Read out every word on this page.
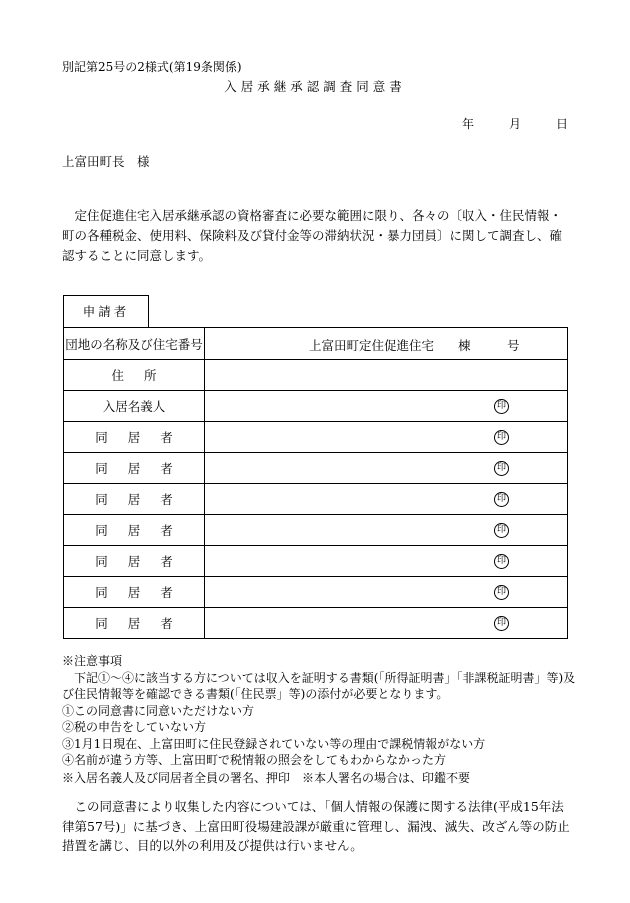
別記第25号の2様式(第19条関係)
入居承継承認調査同意書
年	月	日
上富田町長　様
定住促進住宅入居承継承認の資格審査に必要な範囲に限り、各々の〔収入・住民情報・町の各種税金、使用料、保険料及び貸付金等の滞納状況・暴力団員〕に関して調査し、確認することに同意します。
申請者
団地の名称及び住宅番号	上富田町定住促進住宅 棟 号

住所	
入居名義人	印

同居者	印

同居者	印

同居者	印

同居者	印

同居者	印

同居者	印

同居者	印

※注意事項

下記①～④に該当する方については収入を証明する書類(「所得証明書」「非課税証明書」等)及び住民情報等を確認できる書類(「住民票」等)の添付が必要となります。

①この同意書に同意いただけない方

②税の申告をしていない方

③1月1日現在、上富田町に住民登録されていない等の理由で課税情報がない方

④名前が違う方等、上富田町で税情報の照会をしてもわからなかった方

※入居名義人及び同居者全員の署名、押印　※本人署名の場合は、印鑑不要
この同意書により収集した内容については、「個人情報の保護に関する法律(平成15年法律第57号)」に基づき、上富田町役場建設課が厳重に管理し、漏洩、滅失、改ざん等の防止措置を講じ、目的以外の利用及び提供は行いません。
